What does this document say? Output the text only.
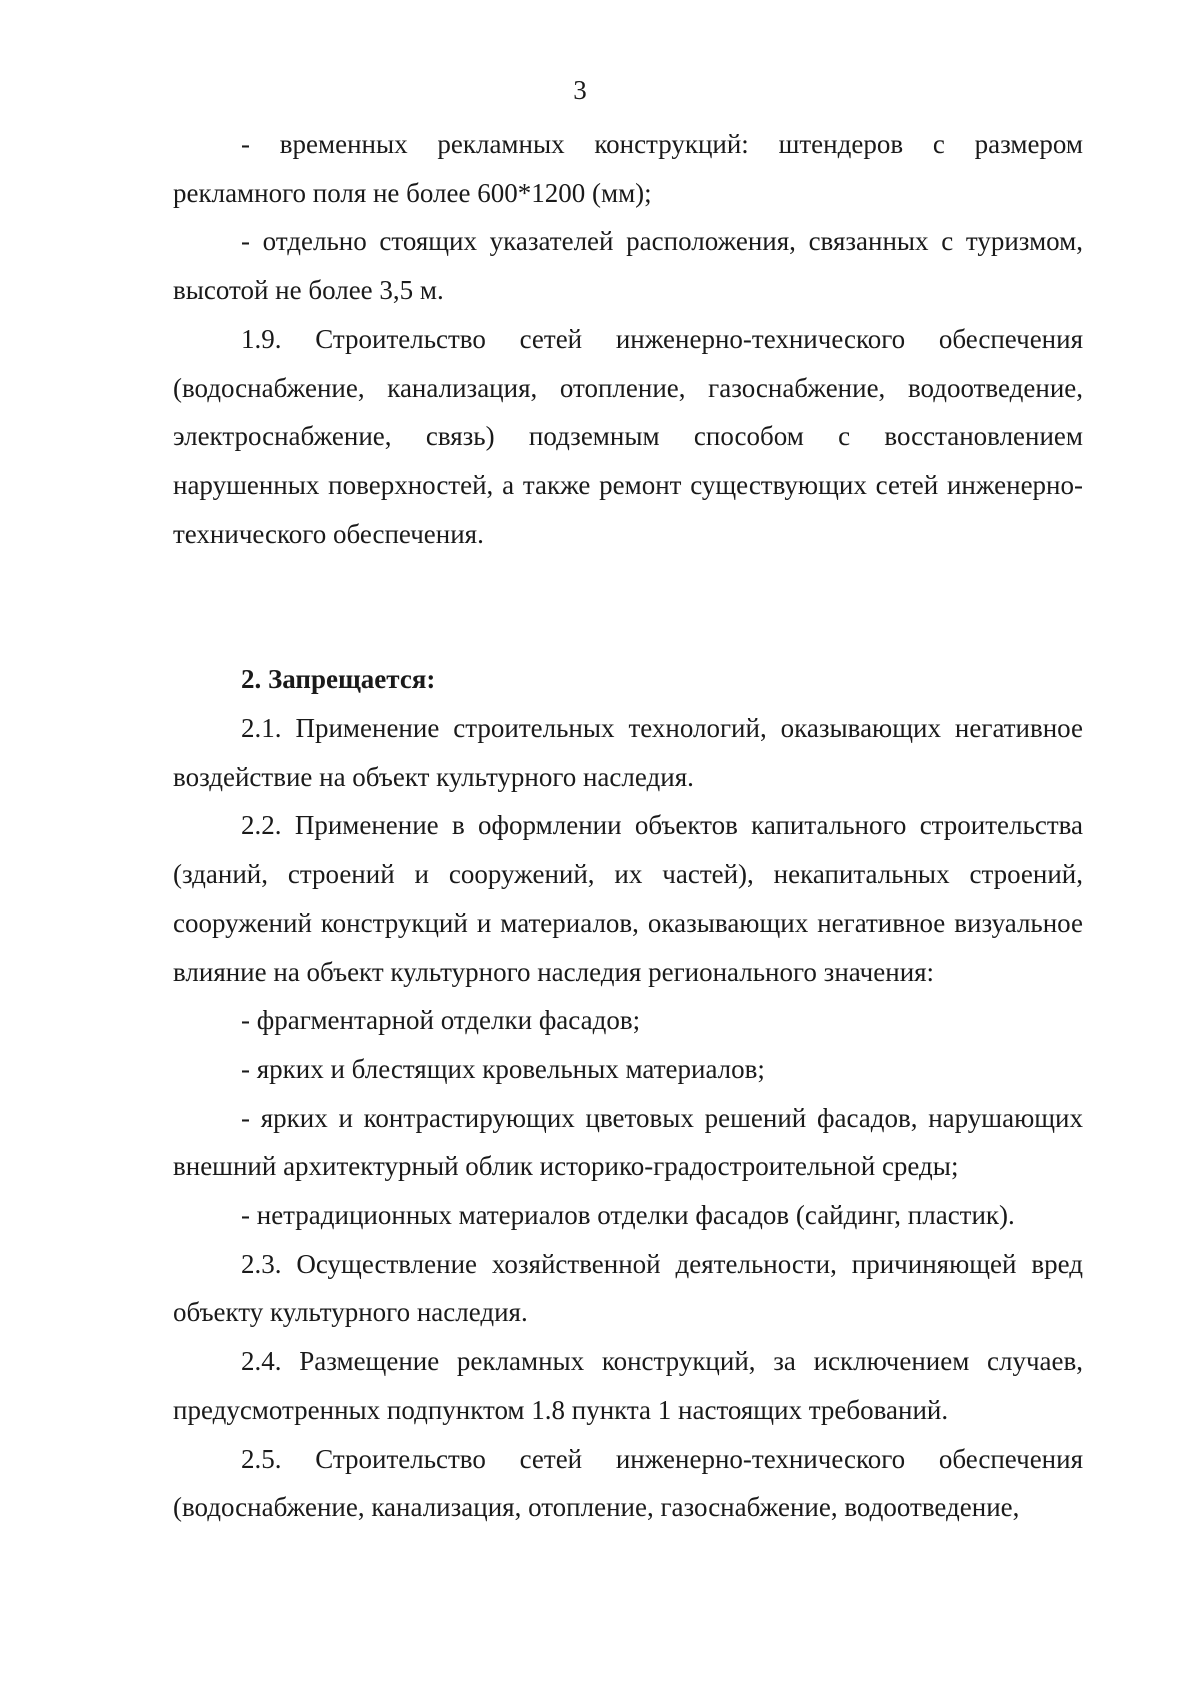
3

- временных рекламных конструкций: штендеров с размером рекламного поля не более 600*1200 (мм);

- отдельно стоящих указателей расположения, связанных с туризмом, высотой не более 3,5 м.

1.9. Строительство сетей инженерно-технического обеспечения (водоснабжение, канализация, отопление, газоснабжение, водоотведение, электроснабжение, связь) подземным способом с восстановлением нарушенных поверхностей, а также ремонт существующих сетей инженерно-технического обеспечения.

2. Запрещается:

2.1. Применение строительных технологий, оказывающих негативное воздействие на объект культурного наследия.

2.2. Применение в оформлении объектов капитального строительства (зданий, строений и сооружений, их частей), некапитальных строений, сооружений конструкций и материалов, оказывающих негативное визуальное влияние на объект культурного наследия регионального значения:

- фрагментарной отделки фасадов;

- ярких и блестящих кровельных материалов;

- ярких и контрастирующих цветовых решений фасадов, нарушающих внешний архитектурный облик историко-градостроительной среды;

- нетрадиционных материалов отделки фасадов (сайдинг, пластик).

2.3. Осуществление хозяйственной деятельности, причиняющей вред объекту культурного наследия.

2.4. Размещение рекламных конструкций, за исключением случаев, предусмотренных подпунктом 1.8 пункта 1 настоящих требований.

2.5. Строительство сетей инженерно-технического обеспечения (водоснабжение, канализация, отопление, газоснабжение, водоотведение,
